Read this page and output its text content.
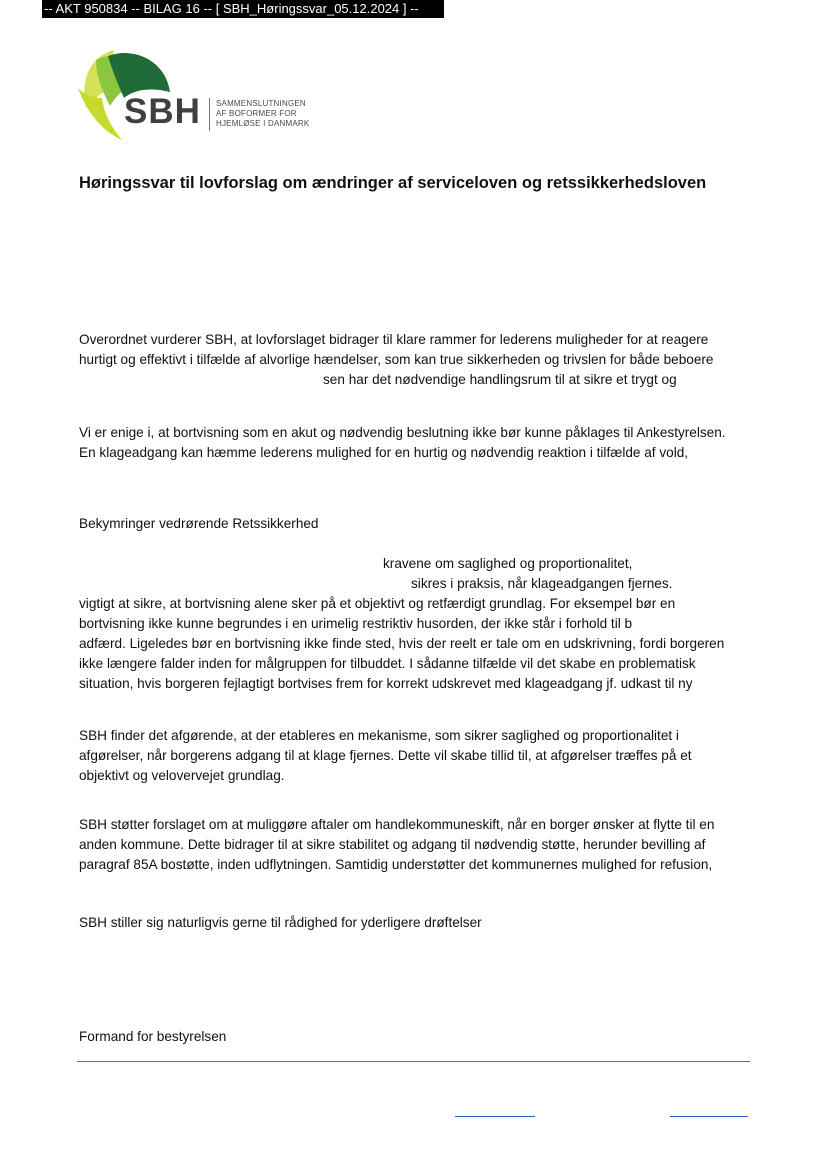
-- AKT 950834 -- BILAG 16 -- [ SBH_Høringssvar_05.12.2024 ] --
SBH SAMMENSLUTNINGEN
AF BOFORMER FOR
HJEMLØSE I DANMARK
Høringssvar til lovforslag om ændringer af serviceloven og retssikkerhedsloven
Overordnet vurderer SBH, at lovforslaget bidrager til klare rammer for lederens muligheder for at reagere
hurtigt og effektivt i tilfælde af alvorlige hændelser, som kan true sikkerheden og trivslen for både beboere
sen har det nødvendige handlingsrum til at sikre et trygt og
Vi er enige i, at bortvisning som en akut og nødvendig beslutning ikke bør kunne påklages til Ankestyrelsen.
En klageadgang kan hæmme lederens mulighed for en hurtig og nødvendig reaktion i tilfælde af vold,
Bekymringer vedrørende Retssikkerhed
kravene om saglighed og proportionalitet,
sikres i praksis, når klageadgangen fjernes.
vigtigt at sikre, at bortvisning alene sker på et objektivt og retfærdigt grundlag. For eksempel bør en
bortvisning ikke kunne begrundes i en urimelig restriktiv husorden, der ikke står i forhold til b
adfærd. Ligeledes bør en bortvisning ikke finde sted, hvis der reelt er tale om en udskrivning, fordi borgeren
ikke længere falder inden for målgruppen for tilbuddet. I sådanne tilfælde vil det skabe en problematisk
situation, hvis borgeren fejlagtigt bortvises frem for korrekt udskrevet med klageadgang jf. udkast til ny
SBH finder det afgørende, at der etableres en mekanisme, som sikrer saglighed og proportionalitet i
afgørelser, når borgerens adgang til at klage fjernes. Dette vil skabe tillid til, at afgørelser træffes på et
objektivt og velovervejet grundlag.
SBH støtter forslaget om at muliggøre aftaler om handlekommuneskift, når en borger ønsker at flytte til en
anden kommune. Dette bidrager til at sikre stabilitet og adgang til nødvendig støtte, herunder bevilling af
paragraf 85A bostøtte, inden udflytningen. Samtidig understøtter det kommunernes mulighed for refusion,
SBH stiller sig naturligvis gerne til rådighed for yderligere drøftelser
Formand for bestyrelsen
